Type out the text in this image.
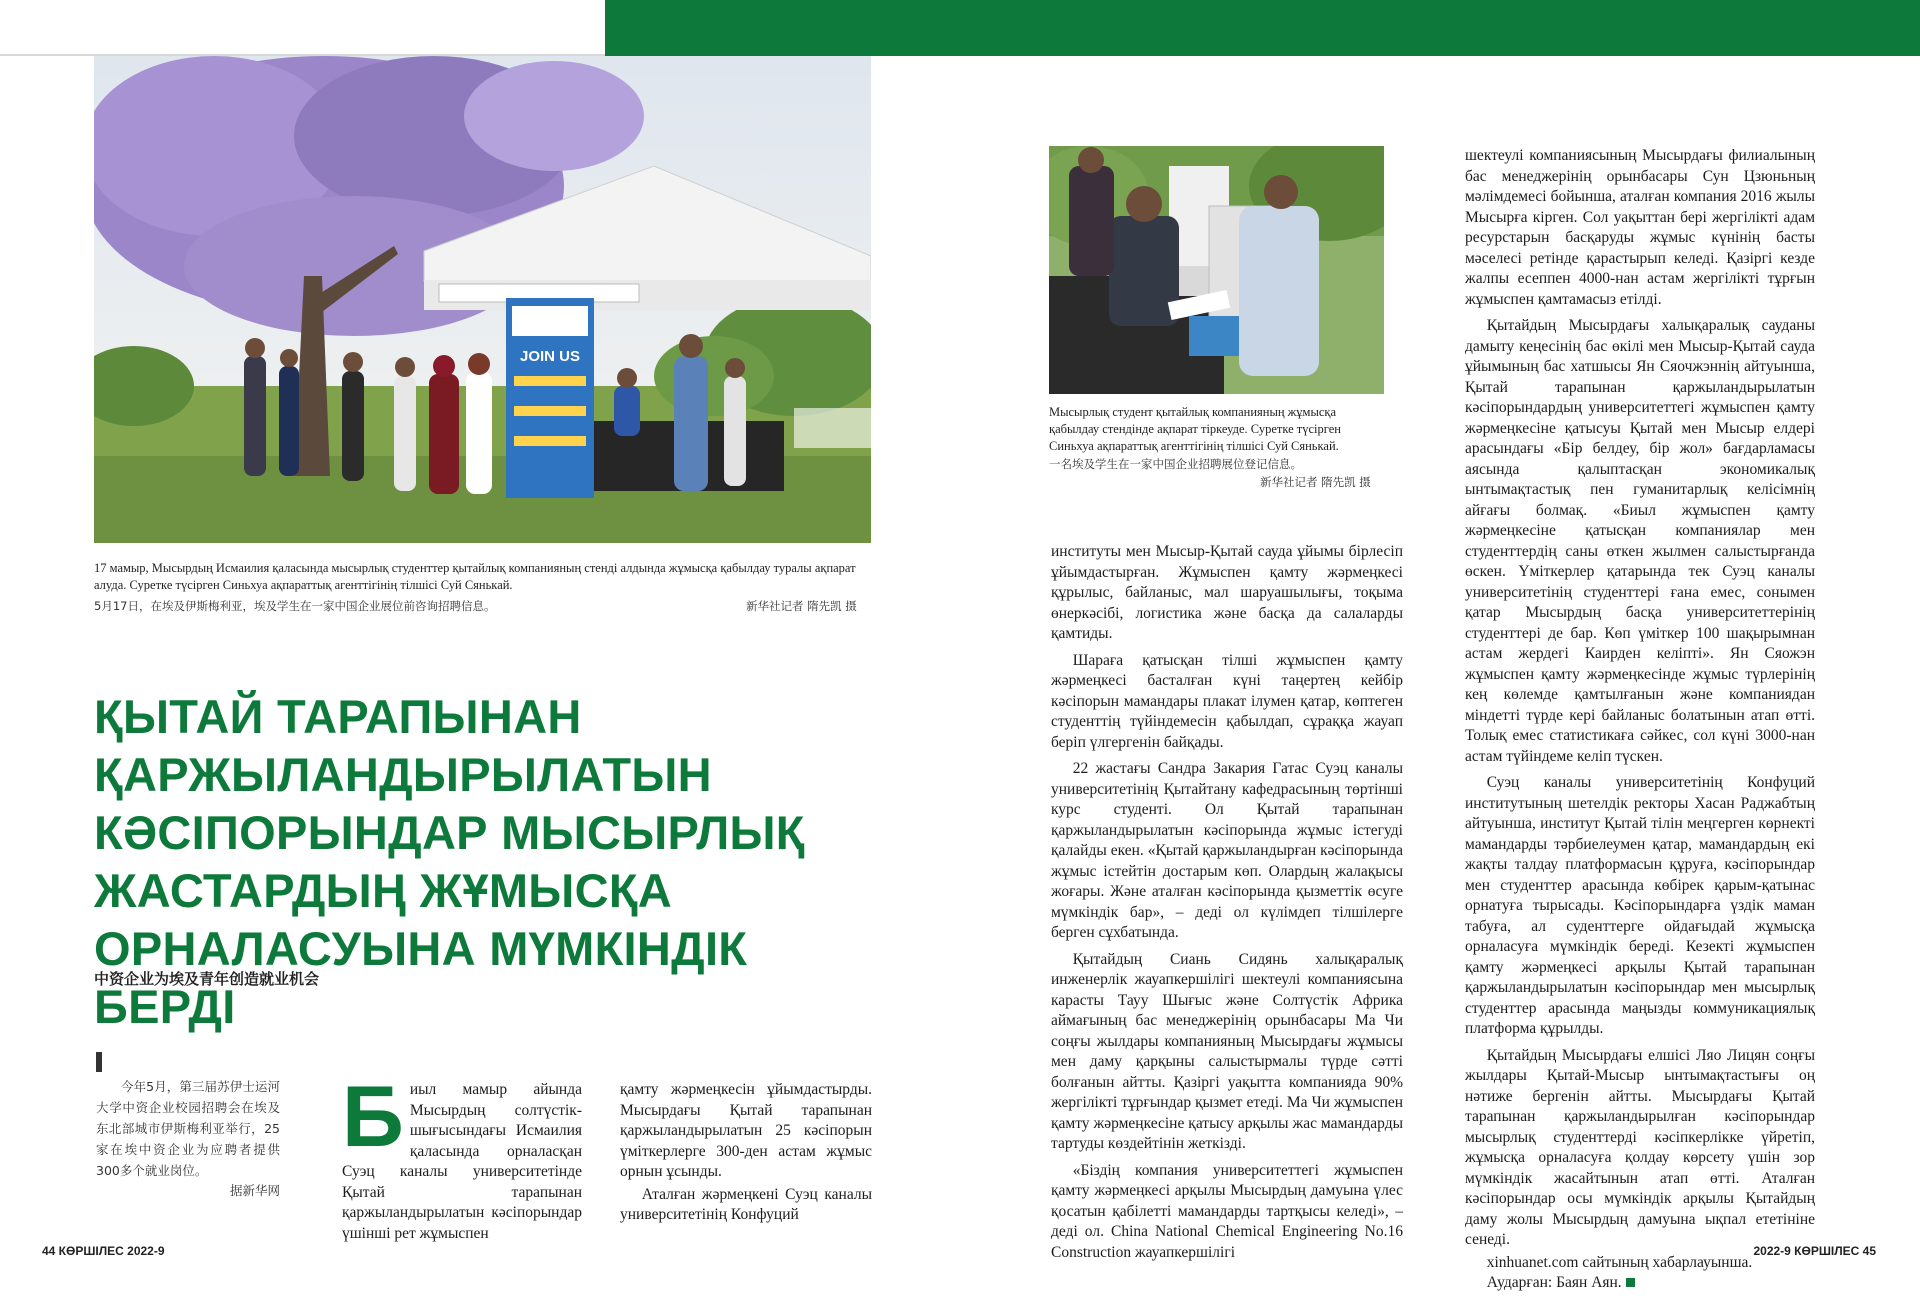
JOIN US
17 мамыр, Мысырдың Исмаилия қаласында мысырлық студенттер қытайлық компанияның стенді алдында жұмысқа қабылдау туралы ақпарат алуда. Суретке түсірген Синьхуа ақпараттық агенттігінің тілшісі Суй Сянькай.
5月17日，在埃及伊斯梅利亚，埃及学生在一家中国企业展位前咨询招聘信息。	新华社记者 隋先凯 摄
ҚЫТАЙ ТАРАПЫНАН ҚАРЖЫЛАНДЫРЫЛАТЫН КӘСІПОРЫНДАР МЫСЫРЛЫҚ ЖАСТАРДЫҢ ЖҰМЫСҚА ОРНАЛАСУЫНА МҮМКІНДІК БЕРДІ
中资企业为埃及青年创造就业机会
今年5月，第三届苏伊士运河大学中资企业校园招聘会在埃及东北部城市伊斯梅利亚举行，25家在埃中资企业为应聘者提供300多个就业岗位。
据新华网

Биыл мамыр айында Мысырдың солтүстік-шығысындағы Исмаилия қаласында орналасқан Суэц каналы университетінде Қытай тарапынан қаржыландырылатын кәсіпорындар үшінші рет жұмыспен

қамту жәрмеңкесін ұйымдастырды. Мысырдағы Қытай тарапынан қаржыландырылатын 25 кәсіпорын үміткерлерге 300-ден астам жұмыс орнын ұсынды.

Аталған жәрмеңкені Суэц каналы университетінің Конфуций

Мысырлық студент қытайлық компанияның жұмысқа қабылдау стендінде ақпарат тіркеуде. Суретке түсірген Синьхуа ақпараттық агенттігінің тілшісі Суй Сянькай.
一名埃及学生在一家中国企业招聘展位登记信息。
新华社记者 隋先凯 摄

институты мен Мысыр-Қытай сауда ұйымы бірлесіп ұйымдастырған. Жұмыспен қамту жәрмеңкесі құрылыс, байланыс, мал шаруашылығы, тоқыма өнеркәсібі, логистика және басқа да салаларды қамтиды.

Шараға қатысқан тілші жұмыспен қамту жәрмеңкесі басталған күні таңертең кейбір кәсіпорын мамандары плакат ілумен қатар, көптеген студенттің түйіндемесін қабылдап, сұраққа жауап беріп үлгергенін байқады.

22 жастағы Сандра Закария Гатас Суэц каналы университетінің Қытайтану кафедрасының төртінші курс студенті. Ол Қытай тарапынан қаржыландырылатын кәсіпорында жұмыс істегуді қалайды екен. «Қытай қаржыландырған кәсіпорында жұмыс істейтін достарым көп. Олардың жалақысы жоғары. Және аталған кәсіпорында қызметтік өсуге мүмкіндік бар», – деді ол күлімдеп тілшілерге берген сұхбатында.

Қытайдың Сиань Сидянь халықаралық инженерлік жауапкершілігі шектеулі компаниясына карасты Тауу Шығыс және Солтүстік Африка аймағының бас менеджерінің орынбасары Ма Чи соңғы жылдары компанияның Мысырдағы жұмысы мен даму қарқыны салыстырмалы түрде сәтті болғанын айтты. Қазіргі уақытта компанияда 90% жергілікті тұрғындар қызмет етеді. Ма Чи жұмыспен қамту жәрмеңкесіне қатысу арқылы жас мамандарды тартуды көздейтінін жеткізді.

«Біздің компания университеттегі жұмыспен қамту жәрмеңкесі арқылы Мысырдың дамуына үлес қосатын қабілетті мамандарды тартқысы келеді», – деді ол. China National Chemical Engineering No.16 Construction жауапкершілігі

шектеулі компаниясының Мысырдағы филиалының бас менеджерінің орынбасары Сун Цзюньның мәлімдемесі бойынша, аталған компания 2016 жылы Мысырға кірген. Сол уақыттан бері жергілікті адам ресурстарын басқаруды жұмыс күнінің басты мәселесі ретінде қарастырып келеді. Қазіргі кезде жалпы есеппен 4000-нан астам жергілікті тұрғын жұмыспен қамтамасыз етілді.

Қытайдың Мысырдағы халықаралық сауданы дамыту кеңесінің бас өкілі мен Мысыр-Қытай сауда ұйымының бас хатшысы Ян Сяочжэннің айтуынша, Қытай тарапынан қаржыландырылатын кәсіпорындардың университеттегі жұмыспен қамту жәрмеңкесіне қатысуы Қытай мен Мысыр елдері арасындағы «Бір белдеу, бір жол» бағдарламасы аясында қалыптасқан экономикалық ынтымақтастық пен гуманитарлық келісімнің айғағы болмақ. «Биыл жұмыспен қамту жәрмеңкесіне қатысқан компаниялар мен студенттердің саны өткен жылмен салыстырғанда өскен. Үміткерлер қатарында тек Суэц каналы университетінің студенттері ғана емес, сонымен қатар Мысырдың басқа университеттерінің студенттері де бар. Көп үміткер 100 шақырымнан астам жердегі Каирден келіпті». Ян Сяожэн жұмыспен қамту жәрмеңкесінде жұмыс түрлерінің кең көлемде қамтылғанын және компаниядан міндетті түрде кері байланыс болатынын атап өтті. Толық емес статистикаға сәйкес, сол күні 3000-нан астам түйіндеме келіп түскен.

Суэц каналы университетінің Конфуций институтының шетелдік ректоры Хасан Раджабтың айтуынша, институт Қытай тілін меңгерген көрнекті мамандарды тәрбиелеумен қатар, мамандардың екі жақты талдау платформасын құруға, кәсіпорындар мен студенттер арасында көбірек қарым-қатынас орнатуға тырысады. Кәсіпорындарға үздік маман табуға, ал суденттерге ойдағыдай жұмысқа орналасуға мүмкіндік береді. Кезекті жұмыспен қамту жәрмеңкесі арқылы Қытай тарапынан қаржыландырылатын кәсіпорындар мен мысырлық студенттер арасында маңызды коммуникациялық платформа құрылды.

Қытайдың Мысырдағы елшісі Ляо Лицян соңғы жылдары Қытай-Мысыр ынтымақтастығы оң нәтиже бергенін айтты. Мысырдағы Қытай тарапынан қаржыландырылған кәсіпорындар мысырлық студенттерді кәсіпкерлікке үйретіп, жұмысқа орналасуға қолдау көрсету үшін зор мүмкіндік жасайтынын атап өтті. Аталған кәсіпорындар осы мүмкіндік арқылы Қытайдың даму жолы Мысырдың дамуына ықпал ететініне сенеді.

xinhuanet.com сайтының хабарлауынша.

Аударған: Баян Аян.

44 КӨРШІЛЕС 2022-9	2022-9 КӨРШІЛЕС 45
